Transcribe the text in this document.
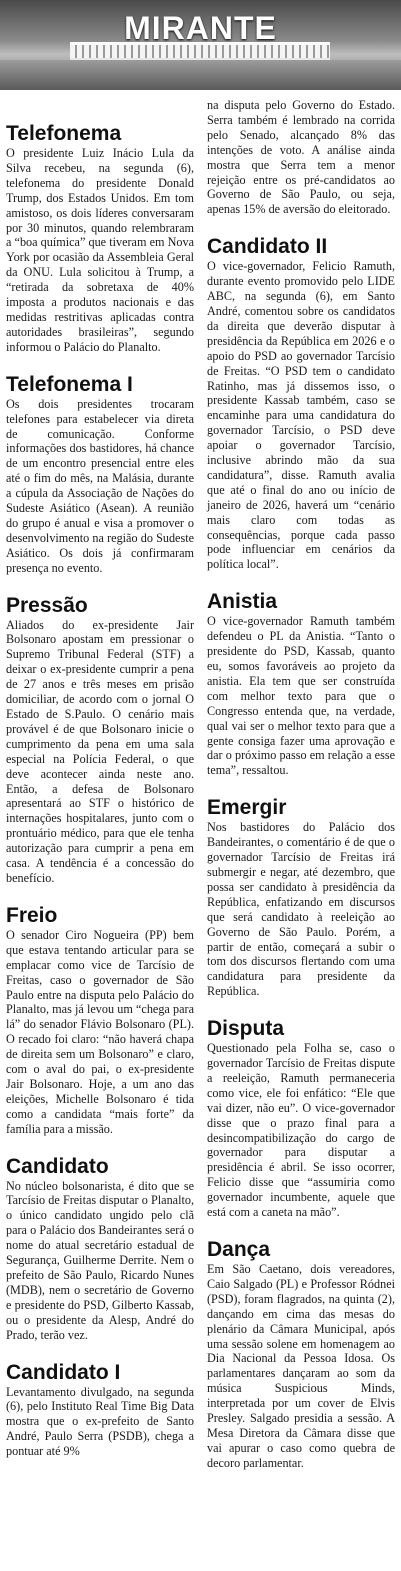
MIRANTE
Telefonema

O presidente Luiz Inácio Lula da Silva recebeu, na segunda (6), telefonema do presidente Donald Trump, dos Estados Unidos. Em tom amistoso, os dois líderes conversaram por 30 minutos, quando relembraram a “boa química” que tiveram em Nova York por ocasião da Assembleia Geral da ONU. Lula solicitou à Trump, a “retirada da sobretaxa de 40% imposta a produtos nacionais e das medidas restritivas aplicadas contra autoridades brasileiras”, segundo informou o Palácio do Planalto.

Telefonema I

Os dois presidentes trocaram telefones para estabelecer via direta de comunicação. Conforme informações dos bastidores, há chance de um encontro presencial entre eles até o fim do mês, na Malásia, durante a cúpula da Associação de Nações do Sudeste Asiático (Asean). A reunião do grupo é anual e visa a promover o desenvolvimento na região do Sudeste Asiático. Os dois já confirmaram presença no evento.

Pressão

Aliados do ex-presidente Jair Bolsonaro apostam em pressionar o Supremo Tribunal Federal (STF) a deixar o ex-presidente cumprir a pena de 27 anos e três meses em prisão domiciliar, de acordo com o jornal O Estado de S.Paulo. O cenário mais provável é de que Bolsonaro inicie o cumprimento da pena em uma sala especial na Polícia Federal, o que deve acontecer ainda neste ano. Então, a defesa de Bolsonaro apresentará ao STF o histórico de internações hospitalares, junto com o prontuário médico, para que ele tenha autorização para cumprir a pena em casa. A tendência é a concessão do benefício.

Freio

O senador Ciro Nogueira (PP) bem que estava tentando articular para se emplacar como vice de Tarcísio de Freitas, caso o governador de São Paulo entre na disputa pelo Palácio do Planalto, mas já levou um “chega para lá” do senador Flávio Bolsonaro (PL). O recado foi claro: “não haverá chapa de direita sem um Bolsonaro” e claro, com o aval do pai, o ex-presidente Jair Bolsonaro. Hoje, a um ano das eleições, Michelle Bolsonaro é tida como a candidata “mais forte” da família para a missão.

Candidato

No núcleo bolsonarista, é dito que se Tarcísio de Freitas disputar o Planalto, o único candidato ungido pelo clã para o Palácio dos Bandeirantes será o nome do atual secretário estadual de Segurança, Guilherme Derrite. Nem o prefeito de São Paulo, Ricardo Nunes (MDB), nem o secretário de Governo e presidente do PSD, Gilberto Kassab, ou o presidente da Alesp, André do Prado, terão vez.

Candidato I

Levantamento divulgado, na segunda (6), pelo Instituto Real Time Big Data mostra que o ex-prefeito de Santo André, Paulo Serra (PSDB), chega a pontuar até 9%

na disputa pelo Governo do Estado. Serra também é lembrado na corrida pelo Senado, alcançado 8% das intenções de voto. A análise ainda mostra que Serra tem a menor rejeição entre os pré-candidatos ao Governo de São Paulo, ou seja, apenas 15% de aversão do eleitorado.

Candidato II

O vice-governador, Felicio Ramuth, durante evento promovido pelo LIDE ABC, na segunda (6), em Santo André, comentou sobre os candidatos da direita que deverão disputar à presidência da República em 2026 e o apoio do PSD ao governador Tarcísio de Freitas. “O PSD tem o candidato Ratinho, mas já dissemos isso, o presidente Kassab também, caso se encaminhe para uma candidatura do governador Tarcísio, o PSD deve apoiar o governador Tarcísio, inclusive abrindo mão da sua candidatura”, disse. Ramuth avalia que até o final do ano ou início de janeiro de 2026, haverá um “cenário mais claro com todas as consequências, porque cada passo pode influenciar em cenários da política local”.

Anistia

O vice-governador Ramuth também defendeu o PL da Anistia. “Tanto o presidente do PSD, Kassab, quanto eu, somos favoráveis ao projeto da anistia. Ela tem que ser construída com melhor texto para que o Congresso entenda que, na verdade, qual vai ser o melhor texto para que a gente consiga fazer uma aprovação e dar o próximo passo em relação a esse tema”, ressaltou.

Emergir

Nos bastidores do Palácio dos Bandeirantes, o comentário é de que o governador Tarcísio de Freitas irá submergir e negar, até dezembro, que possa ser candidato à presidência da República, enfatizando em discursos que será candidato à reeleição ao Governo de São Paulo. Porém, a partir de então, começará a subir o tom dos discursos flertando com uma candidatura para presidente da República.

Disputa

Questionado pela Folha se, caso o governador Tarcísio de Freitas dispute a reeleição, Ramuth permaneceria como vice, ele foi enfático: “Ele que vai dizer, não eu”. O vice-governador disse que o prazo final para a desincompatibilização do cargo de governador para disputar a presidência é abril. Se isso ocorrer, Felicio disse que “assumiria como governador incumbente, aquele que está com a caneta na mão”.

Dança

Em São Caetano, dois vereadores, Caio Salgado (PL) e Professor Ródnei (PSD), foram flagrados, na quinta (2), dançando em cima das mesas do plenário da Câmara Municipal, após uma sessão solene em homenagem ao Dia Nacional da Pessoa Idosa. Os parlamentares dançaram ao som da música Suspicious Minds, interpretada por um cover de Elvis Presley. Salgado presidia a sessão. A Mesa Diretora da Câmara disse que vai apurar o caso como quebra de decoro parlamentar.
